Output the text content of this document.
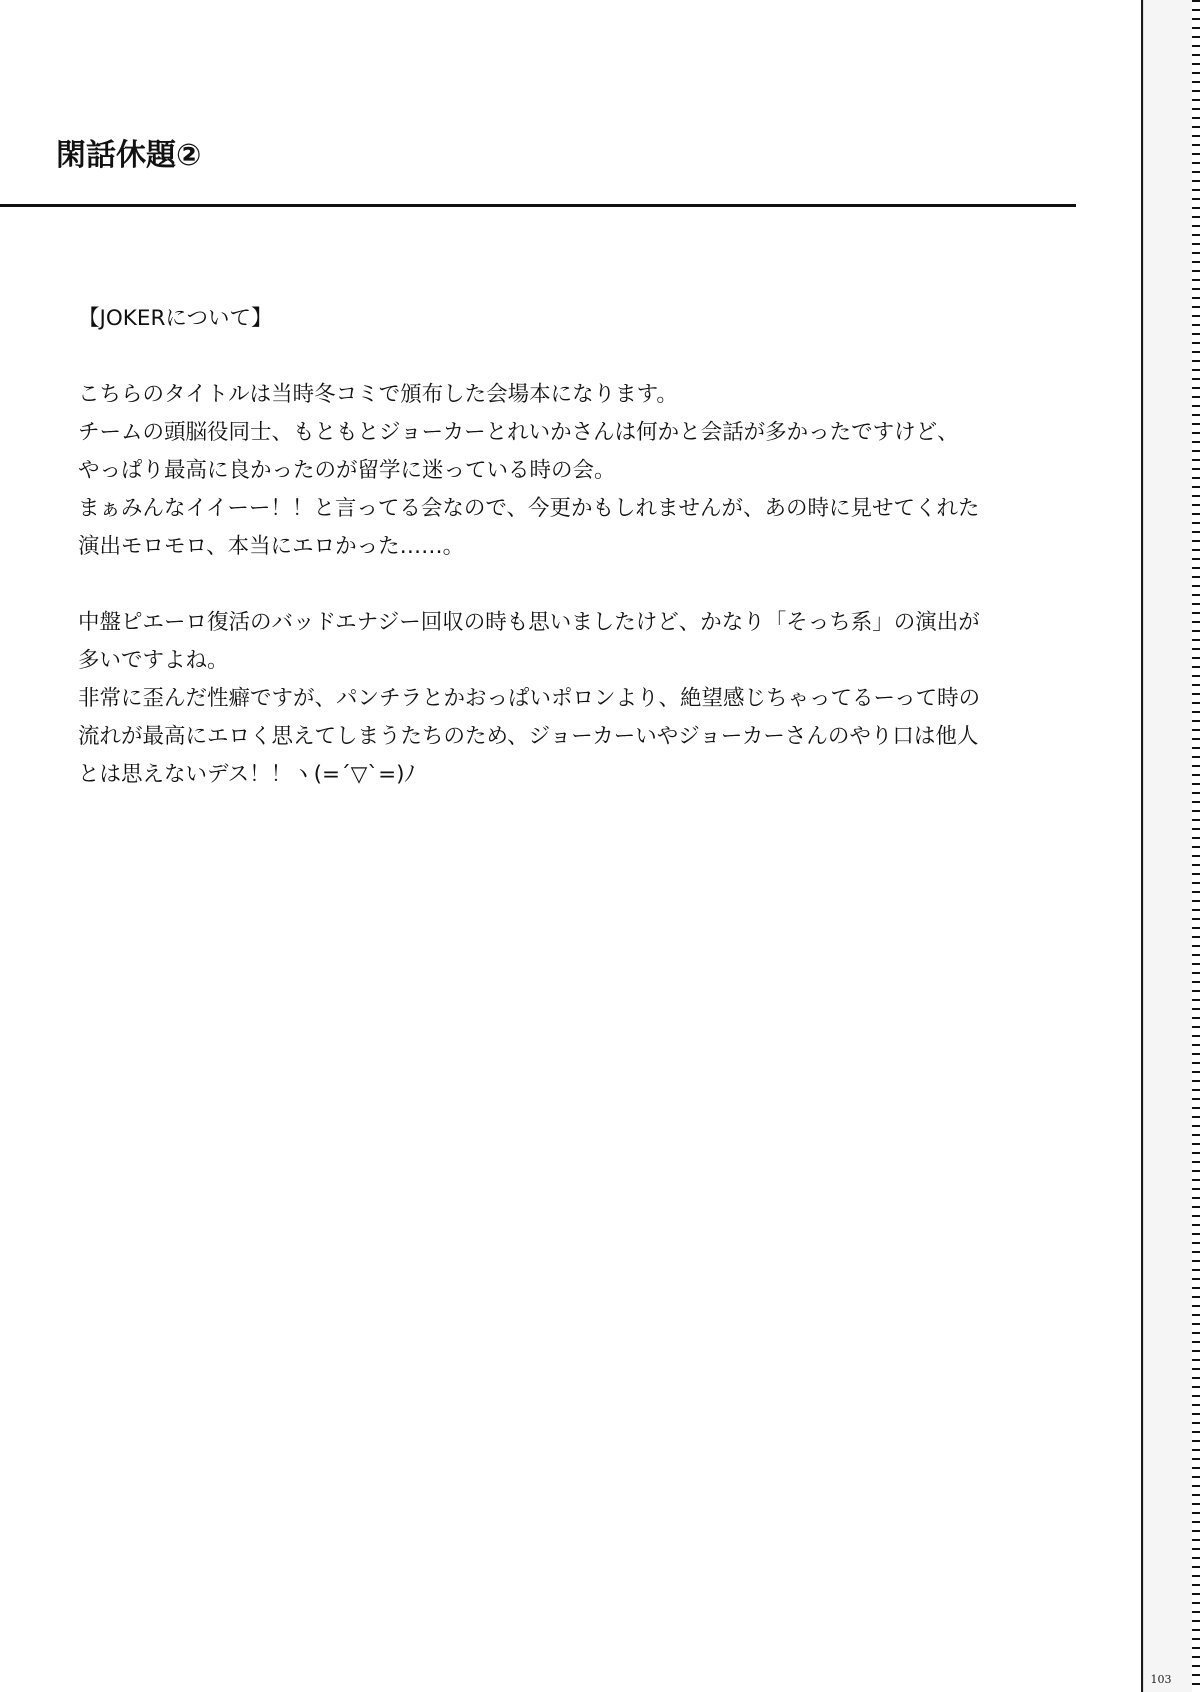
閑話休題②
【JOKERについて】
こちらのタイトルは当時冬コミで頒布した会場本になります。
チームの頭脳役同士、もともとジョーカーとれいかさんは何かと会話が多かったですけど、
やっぱり最高に良かったのが留学に迷っている時の会。
まぁみんなイイーー！！と言ってる会なので、今更かもしれませんが、あの時に見せてくれた
演出モロモロ、本当にエロかった……。
中盤ピエーロ復活のバッドエナジー回収の時も思いましたけど、かなり「そっち系」の演出が
多いですよね。
非常に歪んだ性癖ですが、パンチラとかおっぱいポロンより、絶望感じちゃってるーって時の
流れが最高にエロく思えてしまうたちのため、ジョーカーいやジョーカーさんのやり口は他人
とは思えないデス！！ヽ(=´▽`=)ﾉ
103
